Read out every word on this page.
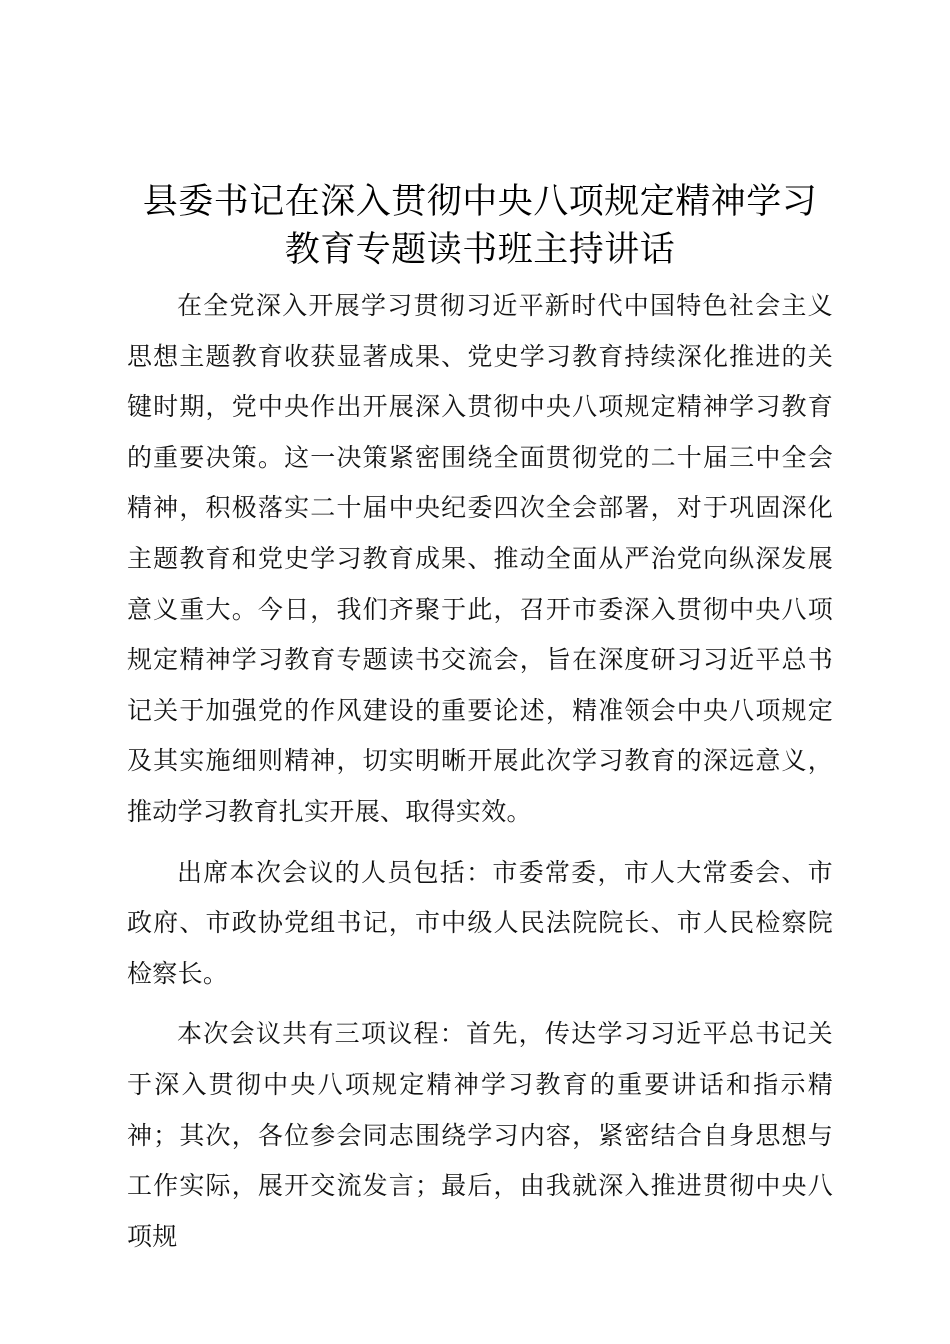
县委书记在深入贯彻中央八项规定精神学习教育专题读书班主持讲话

在全党深入开展学习贯彻习近平新时代中国特色社会主义思想主题教育收获显著成果、党史学习教育持续深化推进的关键时期，党中央作出开展深入贯彻中央八项规定精神学习教育的重要决策。这一决策紧密围绕全面贯彻党的二十届三中全会精神，积极落实二十届中央纪委四次全会部署，对于巩固深化主题教育和党史学习教育成果、推动全面从严治党向纵深发展意义重大。今日，我们齐聚于此，召开市委深入贯彻中央八项规定精神学习教育专题读书交流会，旨在深度研习习近平总书记关于加强党的作风建设的重要论述，精准领会中央八项规定及其实施细则精神，切实明晰开展此次学习教育的深远意义，推动学习教育扎实开展、取得实效。

出席本次会议的人员包括：市委常委，市人大常委会、市政府、市政协党组书记，市中级人民法院院长、市人民检察院检察长。

本次会议共有三项议程：首先，传达学习习近平总书记关于深入贯彻中央八项规定精神学习教育的重要讲话和指示精神；其次，各位参会同志围绕学习内容，紧密结合自身思想与工作实际，展开交流发言；最后，由我就深入推进贯彻中央八项规
